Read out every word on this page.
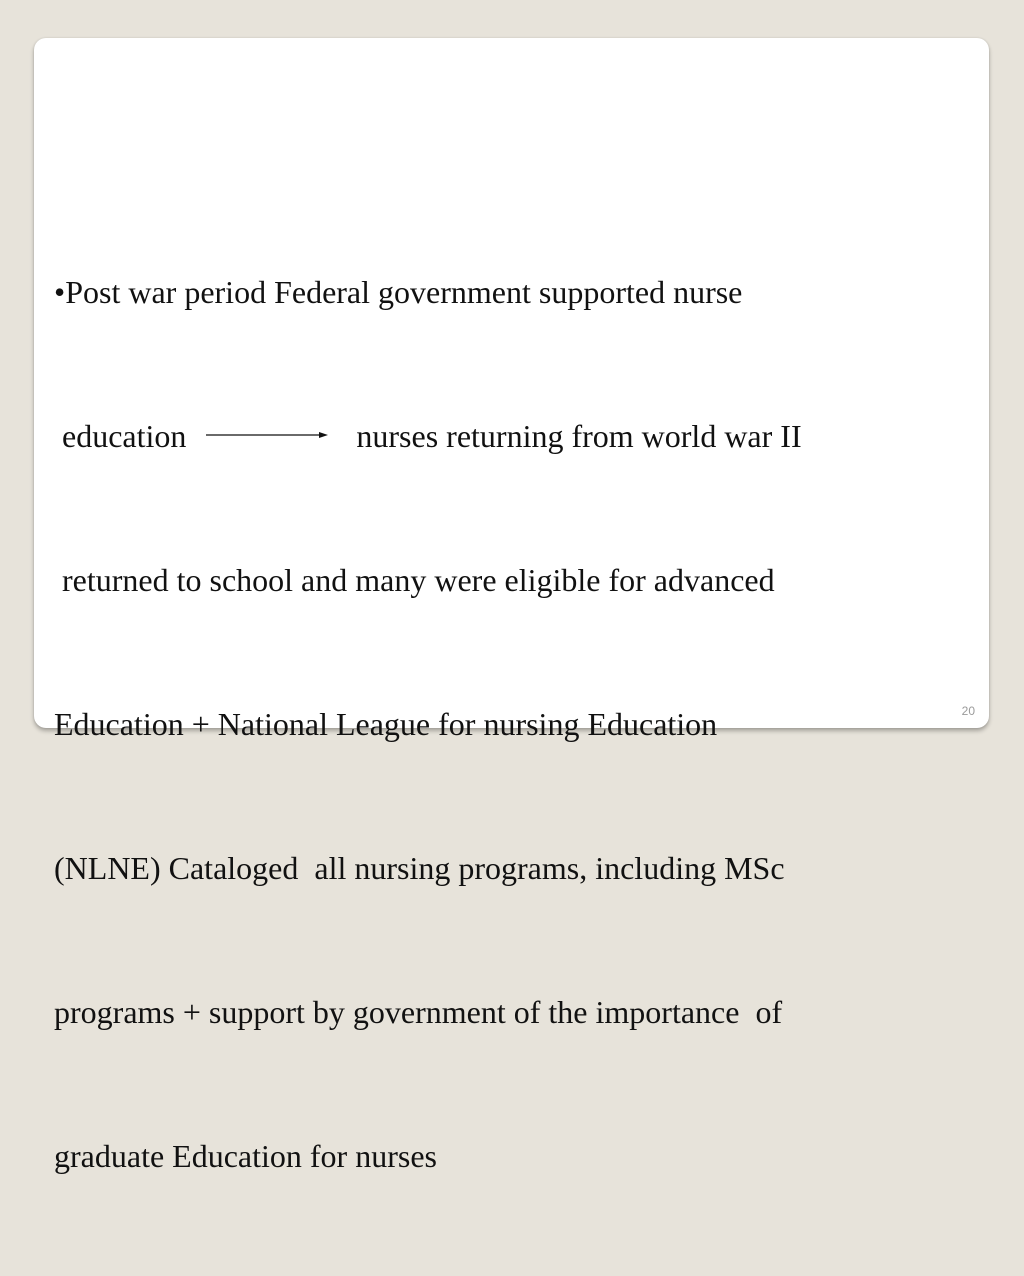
•Post war period Federal government supported nurse

education	nurses returning from world war II

returned to school and many were eligible for advanced

Education + National League for nursing Education

(NLNE) Cataloged  all nursing programs, including MSc

programs + support by government of the importance  of

graduate Education for nurses

20
